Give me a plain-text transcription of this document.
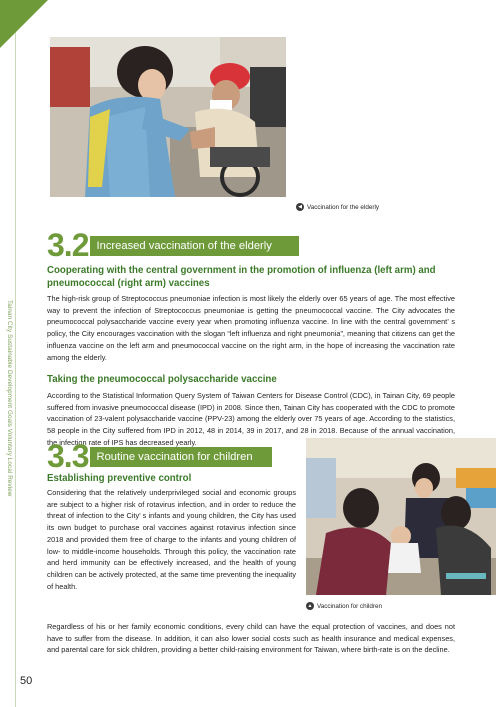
Tainan City Sustainable Development Goals Voluntary Local Review
50
◀ Vaccination for the elderly
3.2 Increased vaccination of the elderly
Cooperating with the central government in the promotion of influenza (left arm) and pneumococcal (right arm) vaccines

The high-risk group of Streptococcus pneumoniae infection is most likely the elderly over 65 years of age. The most effective way to prevent the infection of Streptococcus pneumoniae is getting the pneumococcal vaccine. The City advocates the pneumococcal polysaccharide vaccine every year when promoting influenza vaccine. In line with the central government’ s policy, the City encourages vaccination with the slogan “left influenza and right pneumonia”, meaning that citizens can get the influenza vaccine on the left arm and pneumococcal vaccine on the right arm, in the hope of increasing the vaccination rate among the elderly.

Taking the pneumococcal polysaccharide vaccine

According to the Statistical Information Query System of Taiwan Centers for Disease Control (CDC), in Tainan City, 69 people suffered from invasive pneumococcal disease (IPD) in 2008. Since then, Tainan City has cooperated with the CDC to promote vaccination of 23-valent polysaccharide vaccine (PPV-23) among the elderly over 75 years of age. According to the statistics, 58 people in the City suffered from IPD in 2012, 48 in 2014, 39 in 2017, and 28 in 2018. Because of the annual vaccination, the infection rate of IPS has decreased yearly.

3.3 Routine vaccination for children
Establishing preventive control

Considering that the relatively underprivileged social and economic groups are subject to a higher risk of rotavirus infection, and in order to reduce the threat of infection to the City’ s infants and young children, the City has used its own budget to purchase oral vaccines against rotavirus infection since 2018 and provided them free of charge to the infants and young children of low- to middle-income households. Through this policy, the vaccination rate and herd immunity can be effectively increased, and the health of young children can be actively protected, at the same time preventing the inequality of health.

▲ Vaccination for children

Regardless of his or her family economic conditions, every child can have the equal protection of vaccines, and does not have to suffer from the disease. In addition, it can also lower social costs such as health insurance and medical expenses, and parental care for sick children, providing a better child-raising environment for Taiwan, where birth-rate is on the decline.
